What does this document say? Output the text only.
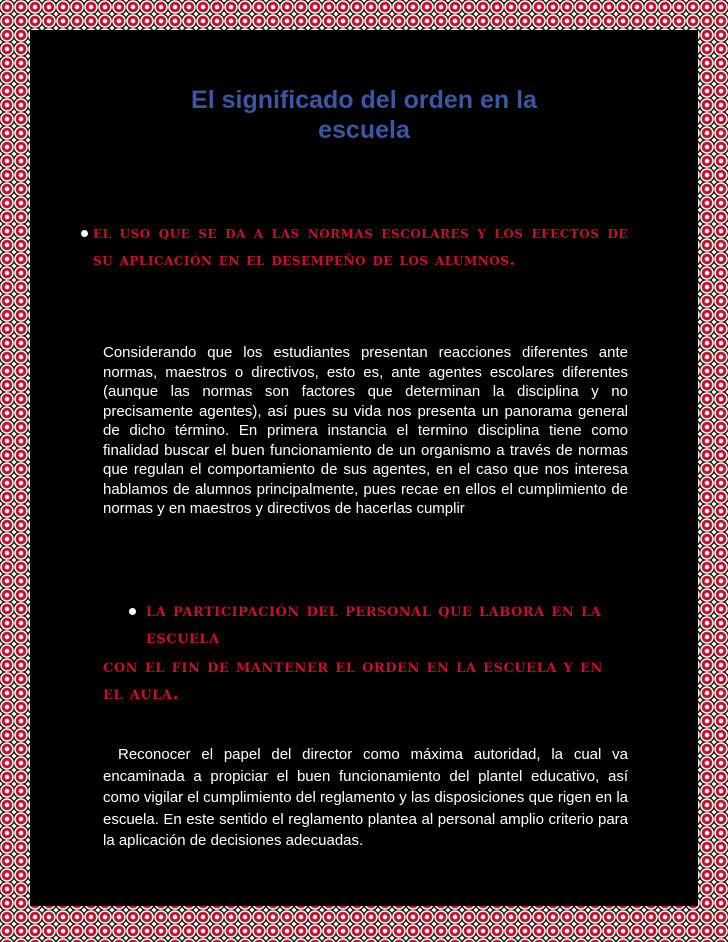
El significado del orden en la
escuela
el uso que se da a las normas escolares y los efectos de su aplicación en el desempeño de los alumnos.
Considerando que los estudiantes presentan reacciones diferentes ante normas, maestros o directivos, esto es, ante agentes escolares diferentes (aunque las normas son factores que determinan la disciplina y no precisamente agentes), así pues su vida nos presenta un panorama general de dicho término. En primera instancia el termino disciplina tiene como finalidad buscar el buen funcionamiento de un organismo a través de normas que regulan el comportamiento de sus agentes, en el caso que nos interesa hablamos de alumnos principalmente, pues recae en ellos el cumplimiento de normas y en maestros y directivos de hacerlas cumplir
la participación del personal que labora en la escuela
con el fin de mantener el orden en la escuela y en el aula.
Reconocer el papel del director como máxima autoridad, la cual va encaminada a propiciar el buen funcionamiento del plantel educativo, así como vigilar el cumplimiento del reglamento y las disposiciones que rigen en la escuela. En este sentido el reglamento plantea al personal amplio criterio para la aplicación de decisiones adecuadas.
